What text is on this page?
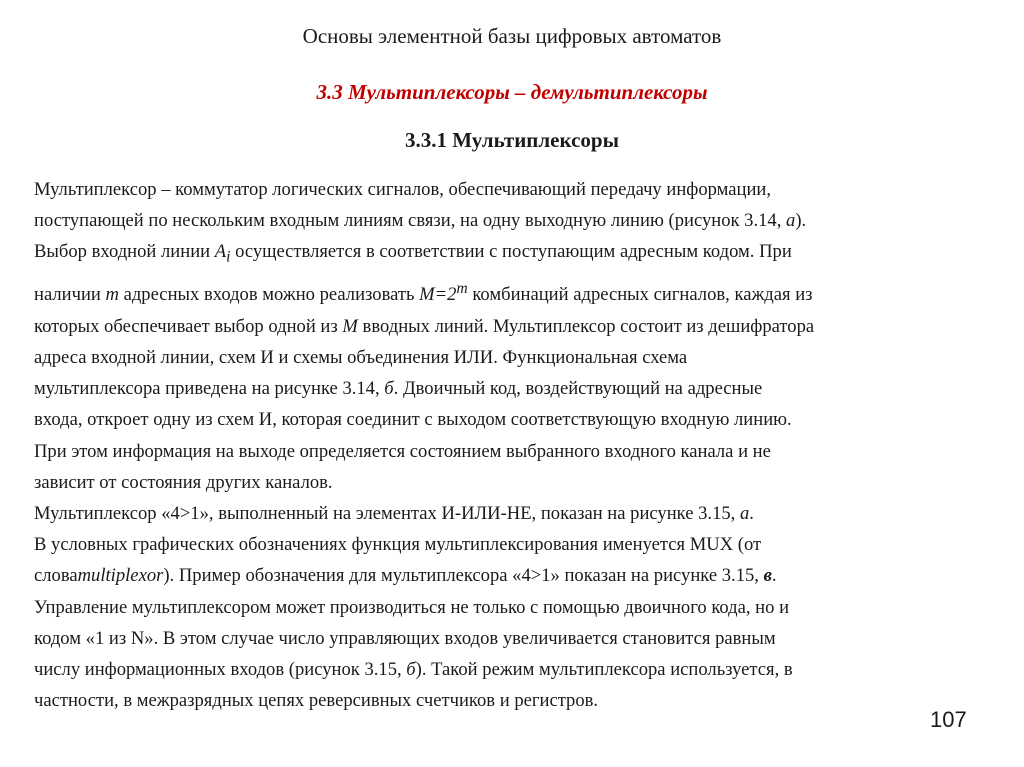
Основы элементной базы цифровых автоматов
3.3 Мультиплексоры – демультиплексоры
3.3.1 Мультиплексоры
Мультиплексор – коммутатор логических сигналов, обеспечивающий передачу информации,
поступающей по нескольким входным линиям связи, на одну выходную линию (рисунок 3.14, а).
Выбор входной линии $A_i$ осуществляется в соответствии с поступающим адресным кодом. При
наличии m адресных входов можно реализовать $M=2^m$ комбинаций адресных сигналов, каждая из
которых обеспечивает выбор одной из M вводных линий. Мультиплексор состоит из дешифратора
адреса входной линии, схем И и схемы объединения ИЛИ. Функциональная схема
мультиплексора приведена на рисунке 3.14, б. Двоичный код, воздействующий на адресные
входа, откроет одну из схем И, которая соединит с выходом соответствующую входную линию.
При этом информация на выходе определяется состоянием выбранного входного канала и не
зависит от состояния других каналов.
Мультиплексор «4>1», выполненный на элементах И-ИЛИ-НЕ, показан на рисунке 3.15, а.
В условных графических обозначениях функция мультиплексирования именуется MUX (от
словаmultiplexor). Пример обозначения для мультиплексора «4>1» показан на рисунке 3.15, в.
Управление мультиплексором может производиться не только с помощью двоичного кода, но и
кодом «1 из N». В этом случае число управляющих входов увеличивается становится равным
числу информационных входов (рисунок 3.15, б). Такой режим мультиплексора используется, в
частности, в межразрядных цепях реверсивных счетчиков и регистров.
107
